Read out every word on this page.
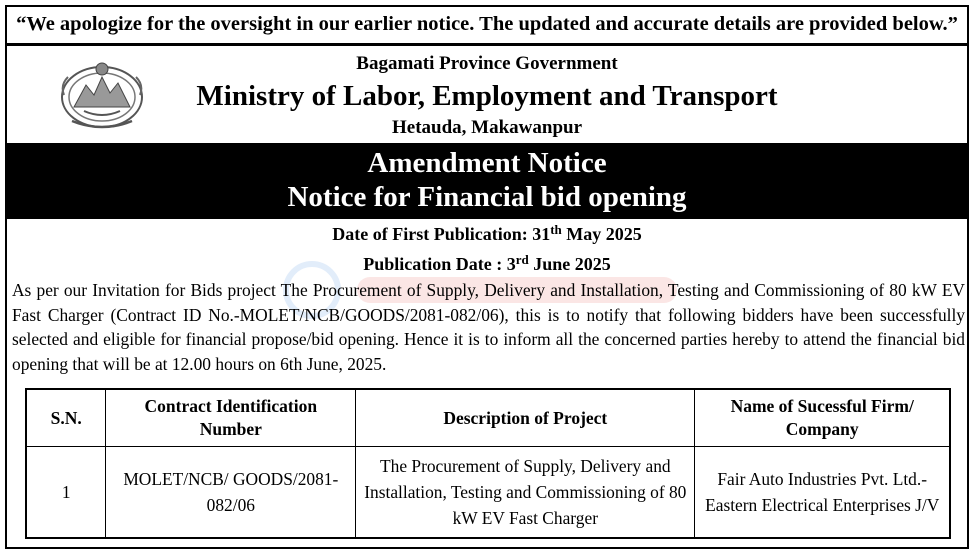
“We apologize for the oversight in our earlier notice. The updated and accurate details are provided below.”
Bagamati Province Government
Ministry of Labor, Employment and Transport
Hetauda, Makawanpur
Amendment Notice
Notice for Financial bid opening
Date of First Publication: 31th May 2025
Publication Date : 3rd June 2025
As per our Invitation for Bids project The Procurement of Supply, Delivery and Installation, Testing and Commissioning of 80 kW EV Fast Charger (Contract ID No.-MOLET/NCB/GOODS/2081-082/06), this is to notify that following bidders have been successfully selected and eligible for financial propose/bid opening. Hence it is to inform all the concerned parties hereby to attend the financial bid opening that will be at 12.00 hours on 6th June, 2025.
S.N.	Contract Identification Number	Description of Project	Name of Sucessful Firm/ Company
1	MOLET/NCB/ GOODS/2081-082/06	The Procurement of Supply, Delivery and Installation, Testing and Commissioning of 80 kW EV Fast Charger	Fair Auto Industries Pvt. Ltd.-Eastern Electrical Enterprises J/V
